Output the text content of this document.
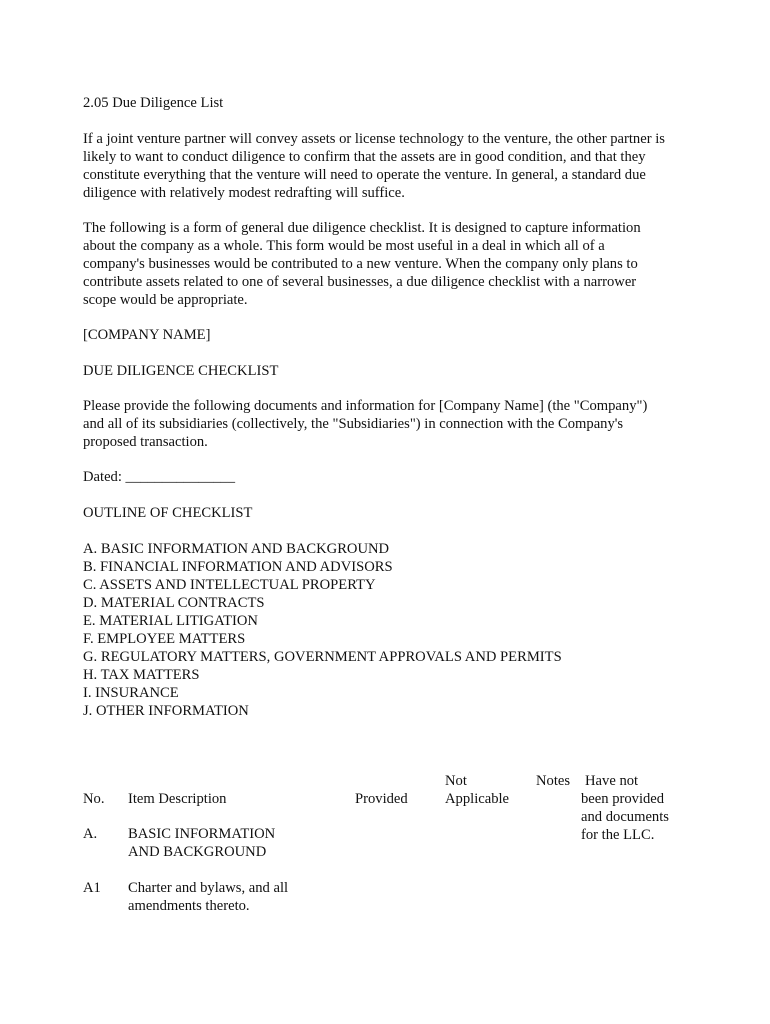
2.05 Due Diligence List

If a joint venture partner will convey assets or license technology to the venture, the other partner is
likely to want to conduct diligence to confirm that the assets are in good condition, and that they
constitute everything that the venture will need to operate the venture. In general, a standard due
diligence with relatively modest redrafting will suffice.
The following is a form of general due diligence checklist. It is designed to capture information
about the company as a whole. This form would be most useful in a deal in which all of a
company's businesses would be contributed to a new venture. When the company only plans to
contribute assets related to one of several businesses, a due diligence checklist with a narrower
scope would be appropriate.

[COMPANY NAME]

DUE DILIGENCE CHECKLIST

Please provide the following documents and information for [Company Name] (the "Company")
and all of its subsidiaries (collectively, the "Subsidiaries") in connection with the Company's
proposed transaction.

Dated: _______________

OUTLINE OF CHECKLIST

A. BASIC INFORMATION AND BACKGROUND
B. FINANCIAL INFORMATION AND ADVISORS
C. ASSETS AND INTELLECTUAL PROPERTY
D. MATERIAL CONTRACTS
E. MATERIAL LITIGATION
F. EMPLOYEE MATTERS
G. REGULATORY MATTERS, GOVERNMENT APPROVALS AND PERMITS
H. TAX MATTERS
I. INSURANCE
J. OTHER INFORMATION
Not
Applicable
Notes Have not
been provided
and documents
for the LLC.
No. Item Description	Provided
A. BASIC INFORMATION
AND BACKGROUND
A1 Charter and bylaws, and all
amendments thereto.
